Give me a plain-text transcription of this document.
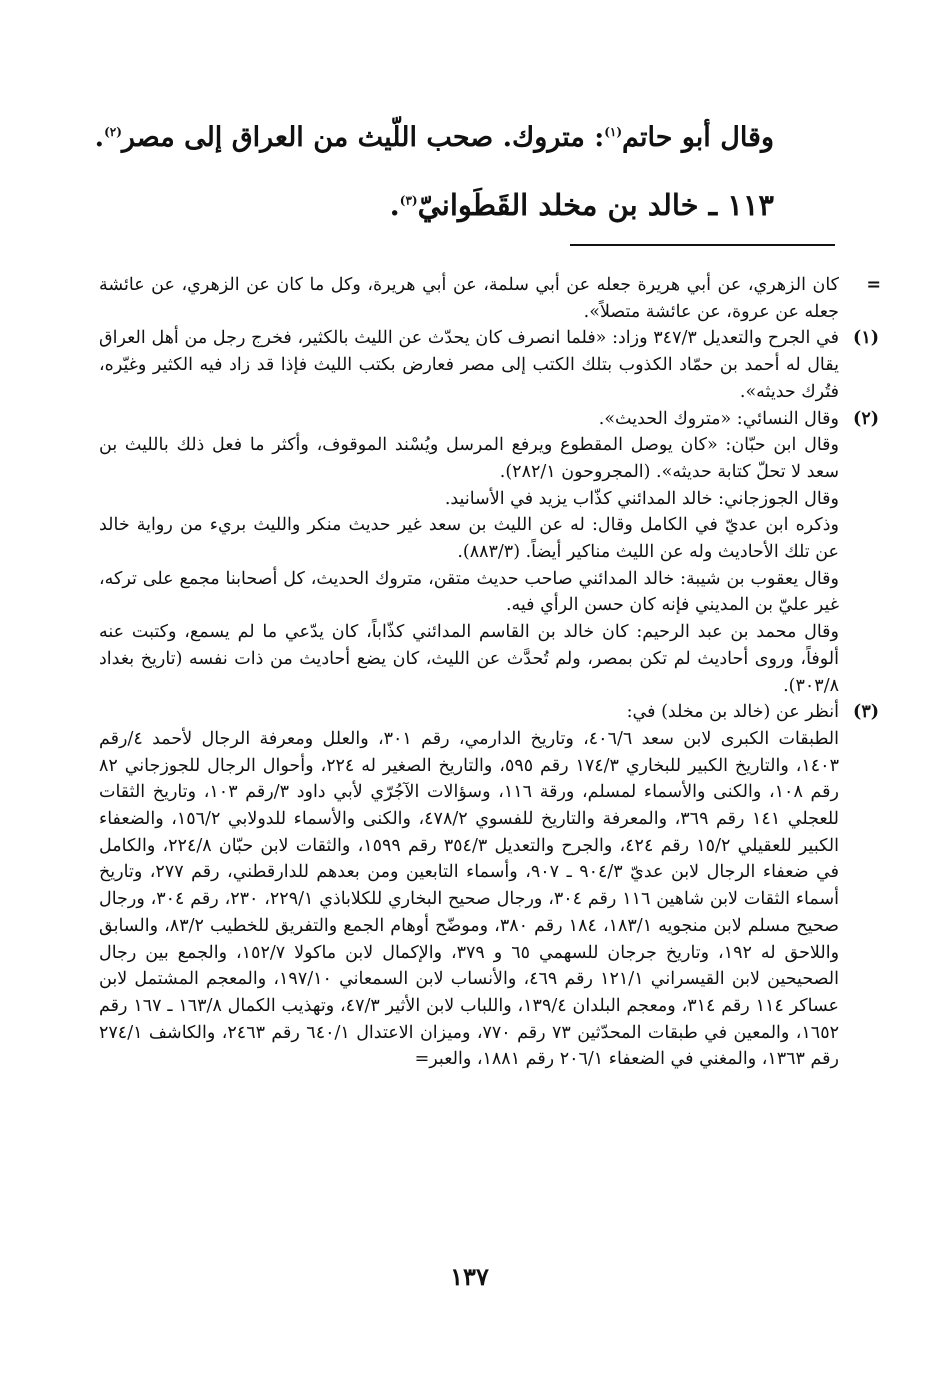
وقال أبو حاتم$^{(١)}$: متروك. صحب اللّيث من العراق إلى مصر$^{(٢)}$.
١١٣ ـ خالد بن مخلد القَطَوانيّ$^{(٣)}$.
=

كان الزهري، عن أبي هريرة جعله عن أبي سلمة، عن أبي هريرة، وكل ما كان عن الزهري، عن عائشة جعله عن عروة، عن عائشة متصلاً».

(١)

في الجرح والتعديل ٣٤٧/٣ وزاد: «فلما انصرف كان يحدّث عن الليث بالكثير، فخرج رجل من أهل العراق يقال له أحمد بن حمّاد الكذوب بتلك الكتب إلى مصر فعارض بكتب الليث فإذا قد زاد فيه الكثير وغيّره، فتُرك حديثه».

(٢)

وقال النسائي: «متروك الحديث».

وقال ابن حبّان: «كان يوصل المقطوع ويرفع المرسل ويُسْند الموقوف، وأكثر ما فعل ذلك بالليث بن سعد لا تحلّ كتابة حديثه». (المجروحون ٢٨٢/١).

وقال الجوزجاني: خالد المدائني كذّاب يزيد في الأسانيد.

وذكره ابن عديّ في الكامل وقال: له عن الليث بن سعد غير حديث منكر والليث بريء من رواية خالد عن تلك الأحاديث وله عن الليث مناكير أيضاً. (٨٨٣/٣).

وقال يعقوب بن شيبة: خالد المدائني صاحب حديث متقن، متروك الحديث، كل أصحابنا مجمع على تركه، غير عليّ بن المديني فإنه كان حسن الرأي فيه.

وقال محمد بن عبد الرحيم: كان خالد بن القاسم المدائني كذّاباً، كان يدّعي ما لم يسمع، وكتبت عنه ألوفاً، وروى أحاديث لم تكن بمصر، ولم تُحدَّث عن الليث، كان يضع أحاديث من ذات نفسه (تاريخ بغداد ٣٠٣/٨).

(٣)

أنظر عن (خالد بن مخلد) في:

الطبقات الكبرى لابن سعد ٤٠٦/٦، وتاريخ الدارمي، رقم ٣٠١، والعلل ومعرفة الرجال لأحمد ٤/رقم ١٤٠٣، والتاريخ الكبير للبخاري ١٧٤/٣ رقم ٥٩٥، والتاريخ الصغير له ٢٢٤، وأحوال الرجال للجوزجاني ٨٢ رقم ١٠٨، والكنى والأسماء لمسلم، ورقة ١١٦، وسؤالات الآجُرّي لأبي داود ٣/رقم ١٠٣، وتاريخ الثقات للعجلي ١٤١ رقم ٣٦٩، والمعرفة والتاريخ للفسوي ٤٧٨/٢، والكنى والأسماء للدولابي ١٥٦/٢، والضعفاء الكبير للعقيلي ١٥/٢ رقم ٤٢٤، والجرح والتعديل ٣٥٤/٣ رقم ١٥٩٩، والثقات لابن حبّان ٢٢٤/٨، والكامل في ضعفاء الرجال لابن عديّ ٩٠٤/٣ ـ ٩٠٧، وأسماء التابعين ومن بعدهم للدارقطني، رقم ٢٧٧، وتاريخ أسماء الثقات لابن شاهين ١١٦ رقم ٣٠٤، ورجال صحيح البخاري للكلاباذي ٢٢٩/١، ٢٣٠، رقم ٣٠٤، ورجال صحيح مسلم لابن منجويه ١٨٣/١، ١٨٤ رقم ٣٨٠، وموضّح أوهام الجمع والتفريق للخطيب ٨٣/٢، والسابق واللاحق له ١٩٢، وتاريخ جرجان للسهمي ٦٥ و ٣٧٩، والإكمال لابن ماكولا ١٥٢/٧، والجمع بين رجال الصحيحين لابن القيسراني ١٢١/١ رقم ٤٦٩، والأنساب لابن السمعاني ١٩٧/١٠، والمعجم المشتمل لابن عساكر ١١٤ رقم ٣١٤، ومعجم البلدان ١٣٩/٤، واللباب لابن الأثير ٤٧/٣، وتهذيب الكمال ١٦٣/٨ ـ ١٦٧ رقم ١٦٥٢، والمعين في طبقات المحدّثين ٧٣ رقم ٧٧٠، وميزان الاعتدال ٦٤٠/١ رقم ٢٤٦٣، والكاشف ٢٧٤/١ رقم ١٣٦٣، والمغني في الضعفاء ٢٠٦/١ رقم ١٨٨١، والعبر=

١٣٧
